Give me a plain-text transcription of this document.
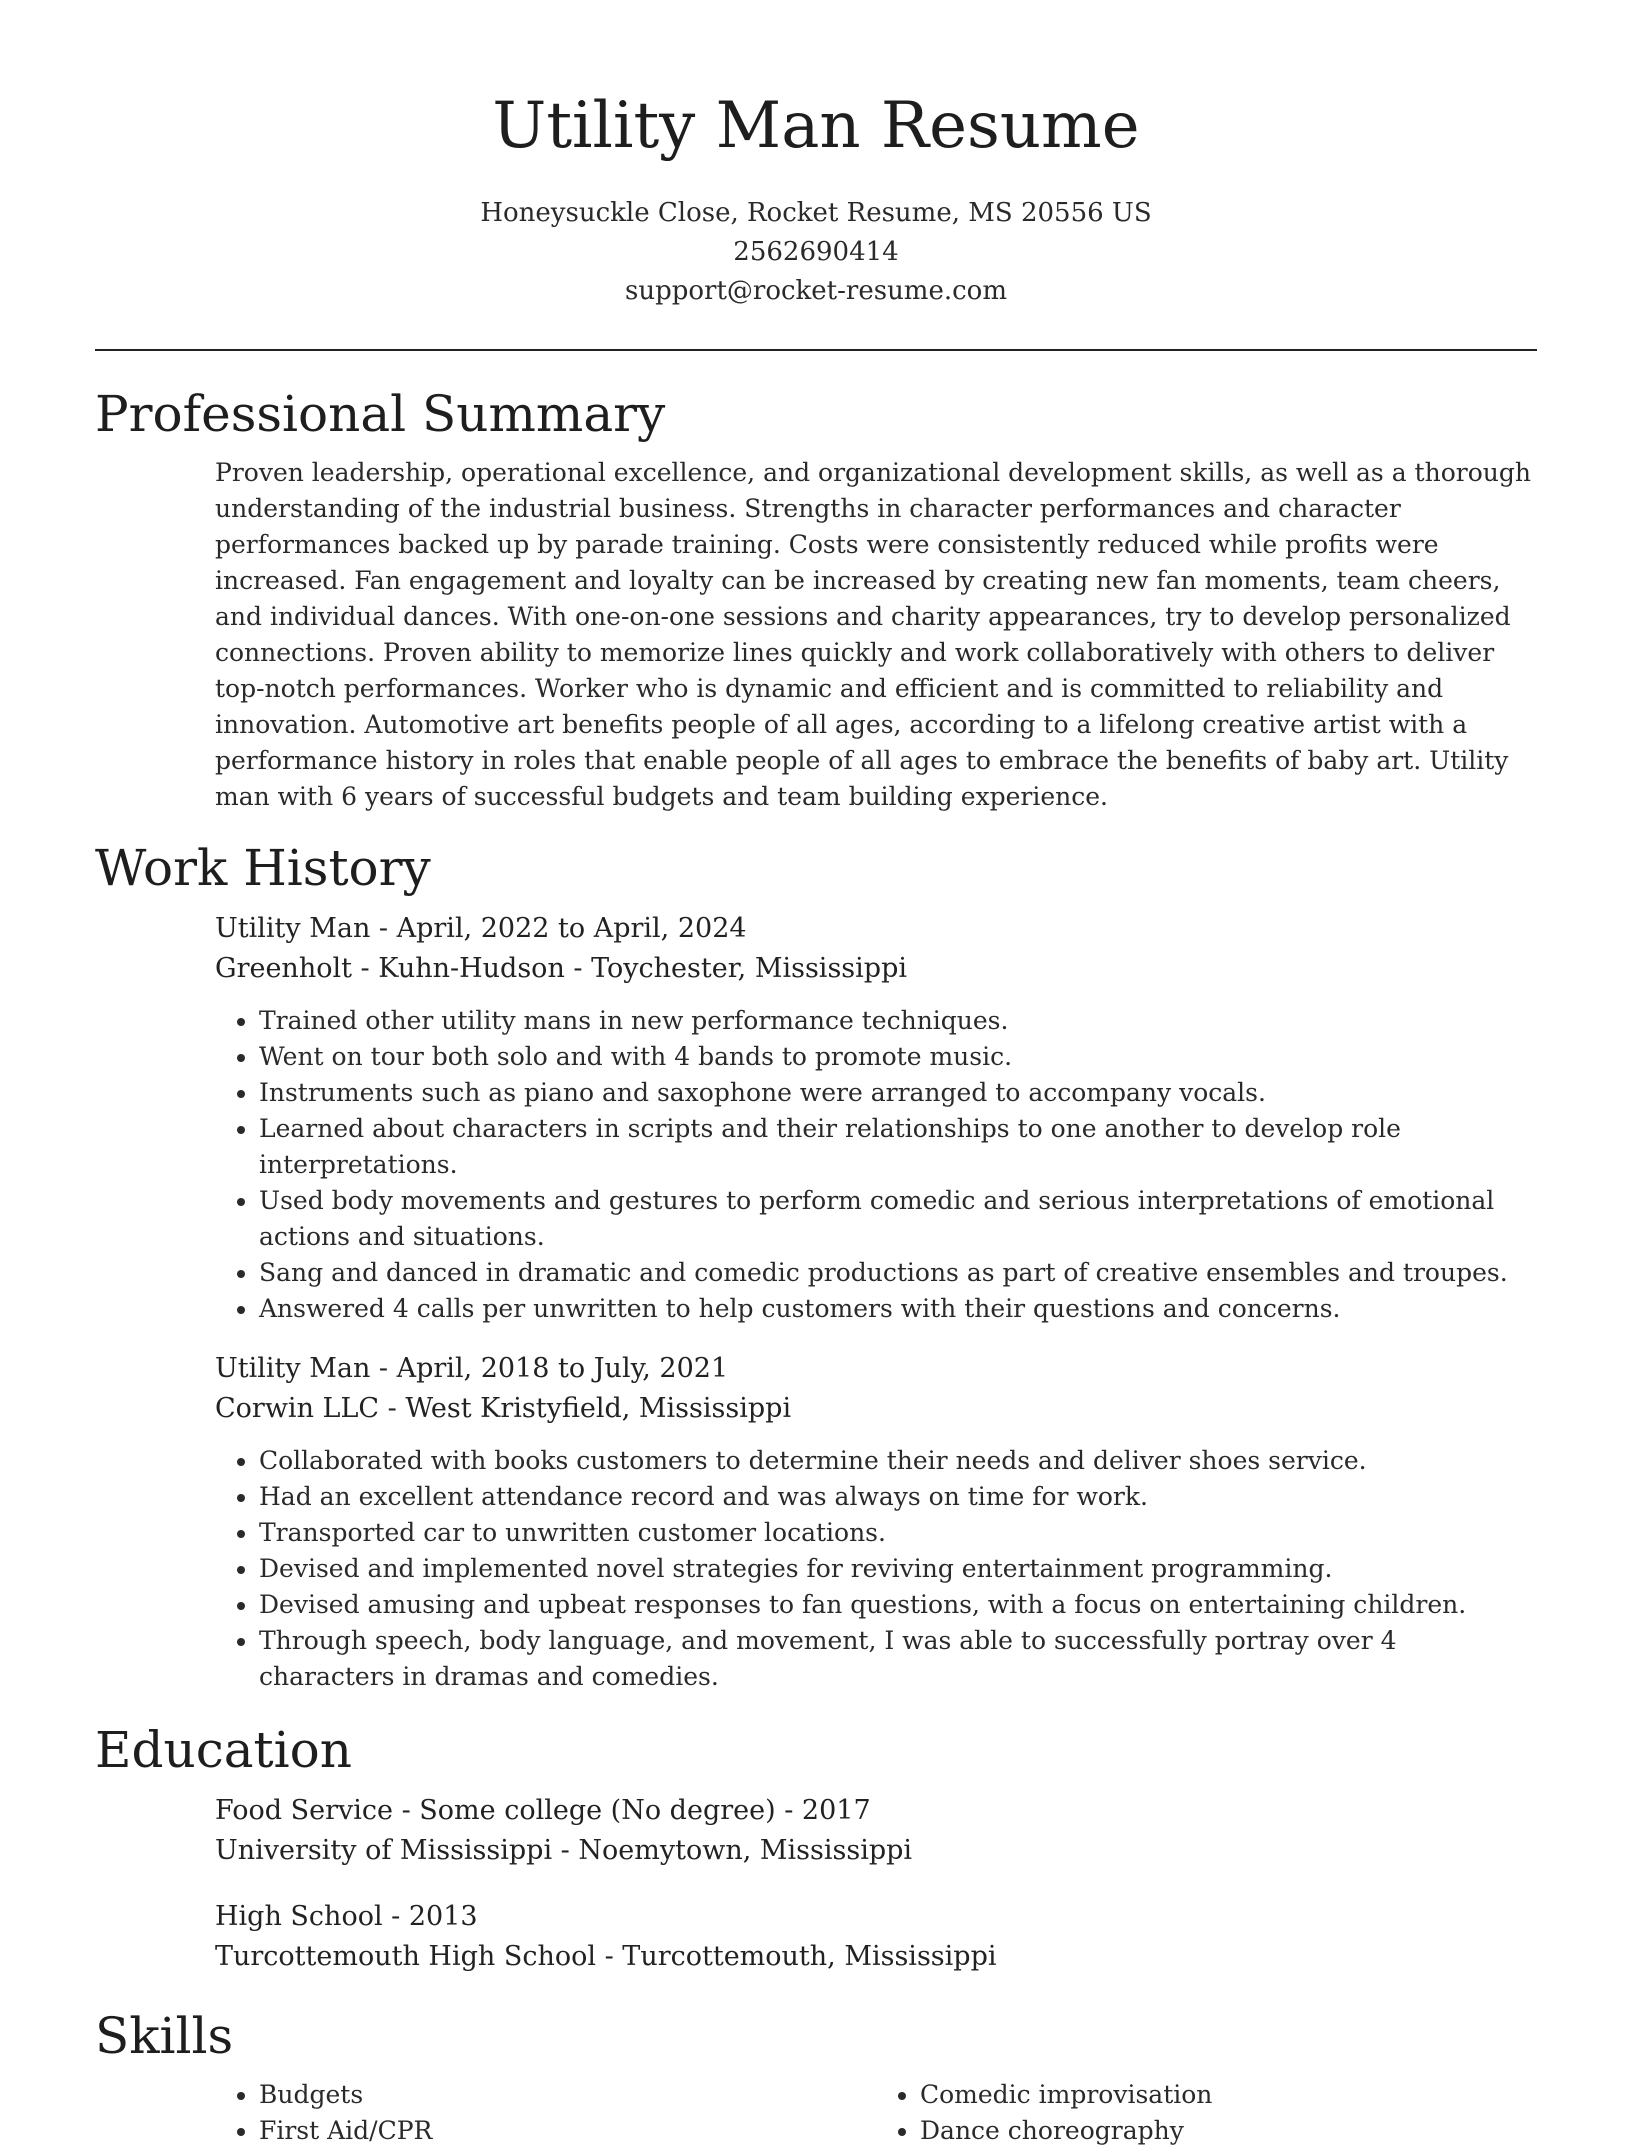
Utility Man Resume
Honeysuckle Close, Rocket Resume, MS 20556 US
2562690414
support@rocket-resume.com
Professional Summary

Proven leadership, operational excellence, and organizational development skills, as well as a thorough understanding of the industrial business. Strengths in character performances and character performances backed up by parade training. Costs were consistently reduced while profits were increased. Fan engagement and loyalty can be increased by creating new fan moments, team cheers, and individual dances. With one-on-one sessions and charity appearances, try to develop personalized connections. Proven ability to memorize lines quickly and work collaboratively with others to deliver top-notch performances. Worker who is dynamic and efficient and is committed to reliability and innovation. Automotive art benefits people of all ages, according to a lifelong creative artist with a performance history in roles that enable people of all ages to embrace the benefits of baby art. Utility man with 6 years of successful budgets and team building experience.

Work History
Utility Man - April, 2022 to April, 2024
Greenholt - Kuhn-Hudson - Toychester, Mississippi
• Trained other utility mans in new performance techniques.
• Went on tour both solo and with 4 bands to promote music.
• Instruments such as piano and saxophone were arranged to accompany vocals.
• Learned about characters in scripts and their relationships to one another to develop role interpretations.
• Used body movements and gestures to perform comedic and serious interpretations of emotional actions and situations.
• Sang and danced in dramatic and comedic productions as part of creative ensembles and troupes.
• Answered 4 calls per unwritten to help customers with their questions and concerns.
Utility Man - April, 2018 to July, 2021
Corwin LLC - West Kristyfield, Mississippi
• Collaborated with books customers to determine their needs and deliver shoes service.
• Had an excellent attendance record and was always on time for work.
• Transported car to unwritten customer locations.
• Devised and implemented novel strategies for reviving entertainment programming.
• Devised amusing and upbeat responses to fan questions, with a focus on entertaining children.
• Through speech, body language, and movement, I was able to successfully portray over 4 characters in dramas and comedies.
Education
Food Service - Some college (No degree) - 2017
University of Mississippi - Noemytown, Mississippi
High School - 2013
Turcottemouth High School - Turcottemouth, Mississippi
Skills
• Budgets
• First Aid/CPR
• Comedic improvisation
• Dance choreography
